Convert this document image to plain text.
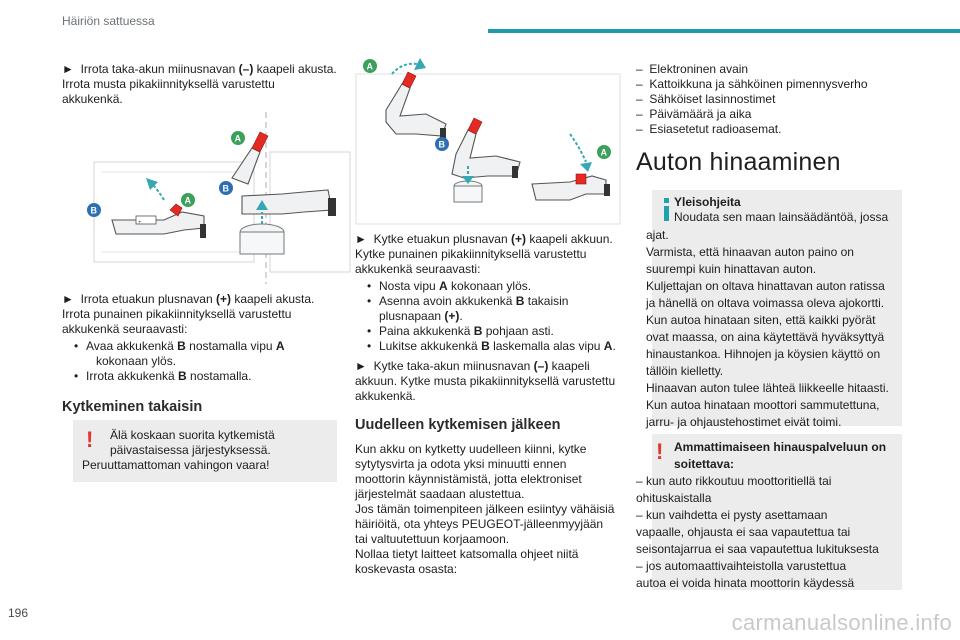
Häiriön sattuessa
► Irrota taka-akun miinusnavan (–) kaapeli akusta. Irrota musta pikakiinnityksellä varustettu akkukenkä.
+
B
A
A
B
► Irrota etuakun plusnavan (+) kaapeli akusta. Irrota punainen pikakiinnityksellä varustettu akkukenkä seuraavasti:
• Avaa akkukenkä B nostamalla vipu A
kokonaan ylös.
• Irrota akkukenkä B nostamalla.
Kytkeminen takaisin
! Älä koskaan suorita kytkemistä
päivastaisessa järjestyksessä.
Peruuttamattoman vahingon vaara!
A
B
A
► Kytke etuakun plusnavan (+) kaapeli akkuun. Kytke punainen pikakiinnityksellä varustettu akkukenkä seuraavasti:
• Nosta vipu A kokonaan ylös.
• Asenna avoin akkukenkä B takaisin
plusnapaan (+).
• Paina akkukenkä B pohjaan asti.
• Lukitse akkukenkä B laskemalla alas vipu A.
► Kytke taka-akun miinusnavan (–) kaapeli akkuun. Kytke musta pikakiinnityksellä varustettu akkukenkä.
Uudelleen kytkemisen jälkeen

Kun akku on kytketty uudelleen kiinni, kytke

sytytysvirta ja odota yksi minuutti ennen

moottorin käynnistämistä, jotta elektroniset

järjestelmät saadaan alustettua.

Jos tämän toimenpiteen jälkeen esiintyy vähäisiä

häiriöitä, ota yhteys PEUGEOT-jälleenmyyjään

tai valtuutettuun korjaamoon.

Nollaa tietyt laitteet katsomalla ohjeet niitä

koskevasta osasta:

– Elektroninen avain

– Kattoikkuna ja sähköinen pimennysverho

– Sähköiset lasinnostimet

– Päivämäärä ja aika

– Esiasetetut radioasemat.

Auton hinaaminen
Yleisohjeita
Noudata sen maan lainsäädäntöä, jossa

ajat.

Varmista, että hinaavan auton paino on

suurempi kuin hinattavan auton.

Kuljettajan on oltava hinattavan auton ratissa

ja hänellä on oltava voimassa oleva ajokortti.

Kun autoa hinataan siten, että kaikki pyörät

ovat maassa, on aina käytettävä hyväksyttyä

hinaustankoa. Hihnojen ja köysien käyttö on

tällöin kielletty.

Hinaavan auton tulee lähteä liikkeelle hitaasti.

Kun autoa hinataan moottori sammutettuna,

jarru- ja ohjaustehostimet eivät toimi.

! Ammattimaiseen hinauspalveluun on
soitettava:

– kun auto rikkoutuu moottoritiellä tai

ohituskaistalla

– kun vaihdetta ei pysty asettamaan

vapaalle, ohjausta ei saa vapautettua tai

seisontajarrua ei saa vapautettua lukituksesta

– jos automaattivaihteistolla varustettua

autoa ei voida hinata moottorin käydessä

196	carmanualsonline.info
